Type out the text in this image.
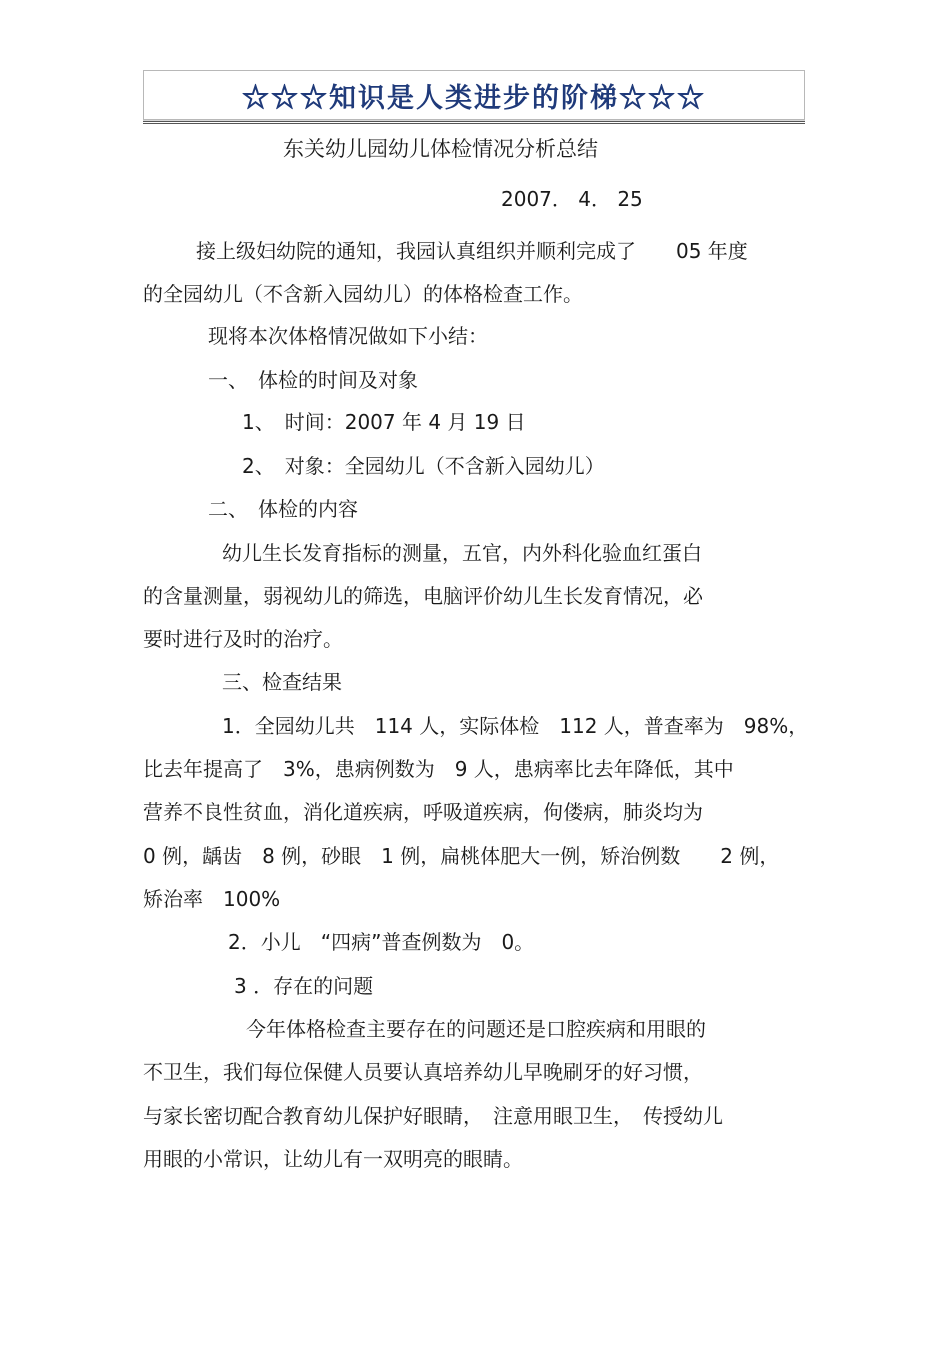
☆☆☆知识是人类进步的阶梯☆☆☆
东关幼儿园幼儿体检情况分析总结
2007． 4． 25
接上级妇幼院的通知，我园认真组织并顺利完成了　　05 年度
的全园幼儿（不含新入园幼儿）的体格检查工作。
现将本次体格情况做如下小结：
一、　体检的时间及对象
1、　时间：2007 年 4 月 19 日
2、　对象：全园幼儿（不含新入园幼儿）
二、　体检的内容
幼儿生长发育指标的测量，五官，内外科化验血红蛋白
的含量测量，弱视幼儿的筛选，电脑评价幼儿生长发育情况，必
要时进行及时的治疗。
三、检查结果
1．全园幼儿共　114 人，实际体检　112 人，普查率为　98%，
比去年提高了　3%，患病例数为　9 人，患病率比去年降低，其中
营养不良性贫血，消化道疾病，呼吸道疾病，佝偻病，肺炎均为
0 例，龋齿　8 例，砂眼　1 例，扁桃体肥大一例，矫治例数　　2 例，
矫治率　100%
2．小儿　“四病”普查例数为　0。
3 ．存在的问题
今年体格检查主要存在的问题还是口腔疾病和用眼的
不卫生，我们每位保健人员要认真培养幼儿早晚刷牙的好习惯，
与家长密切配合教育幼儿保护好眼睛，　注意用眼卫生，　传授幼儿
用眼的小常识，让幼儿有一双明亮的眼睛。
